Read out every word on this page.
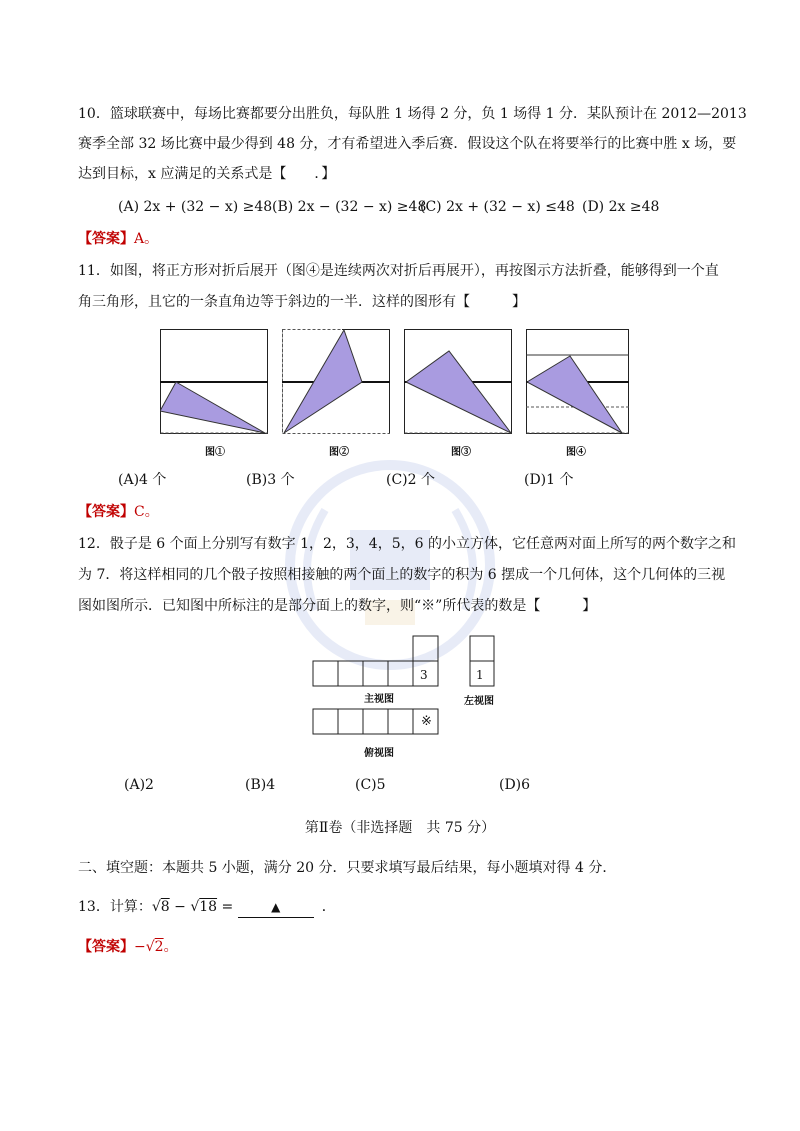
10．篮球联赛中，每场比赛都要分出胜负，每队胜 1 场得 2 分，负 1 场得 1 分．某队预计在 2012—2013
赛季全部 32 场比赛中最少得到 48 分，才有希望进入季后赛．假设这个队在将要举行的比赛中胜 x 场，要
达到目标，x 应满足的关系式是【　　．】
(A) 2x + (32 − x) ≥48 (B) 2x − (32 − x) ≥48
(C) 2x + (32 − x) ≤48 (D) 2x ≥48
【答案】A。
11．如图，将正方形对折后展开（图④是连续两次对折后再展开），再按图示方法折叠，能够得到一个直
角三角形，且它的一条直角边等于斜边的一半．这样的图形有【　　　】
图①	图②	图③	图④
(A)4 个	(B)3 个	(C)2 个	(D)1 个
【答案】C。
12．骰子是 6 个面上分别写有数字 1，2，3，4，5，6 的小立方体，它任意两对面上所写的两个数字之和
为 7．将这样相同的几个骰子按照相接触的两个面上的数字的积为 6 摆成一个几何体，这个几何体的三视
图如图所示．已知图中所标注的是部分面上的数字，则“※”所代表的数是【　　　】
3	1
※
主视图	左视图
俯视图
(A)2	(B)4	(C)5	(D)6
第Ⅱ卷（非选择题　共 75 分）
二、填空题：本题共 5 小题，满分 20 分．只要求填写最后结果，每小题填对得 4 分．
13．计算：√8 − √18 =	▲	．
【答案】−√2。
